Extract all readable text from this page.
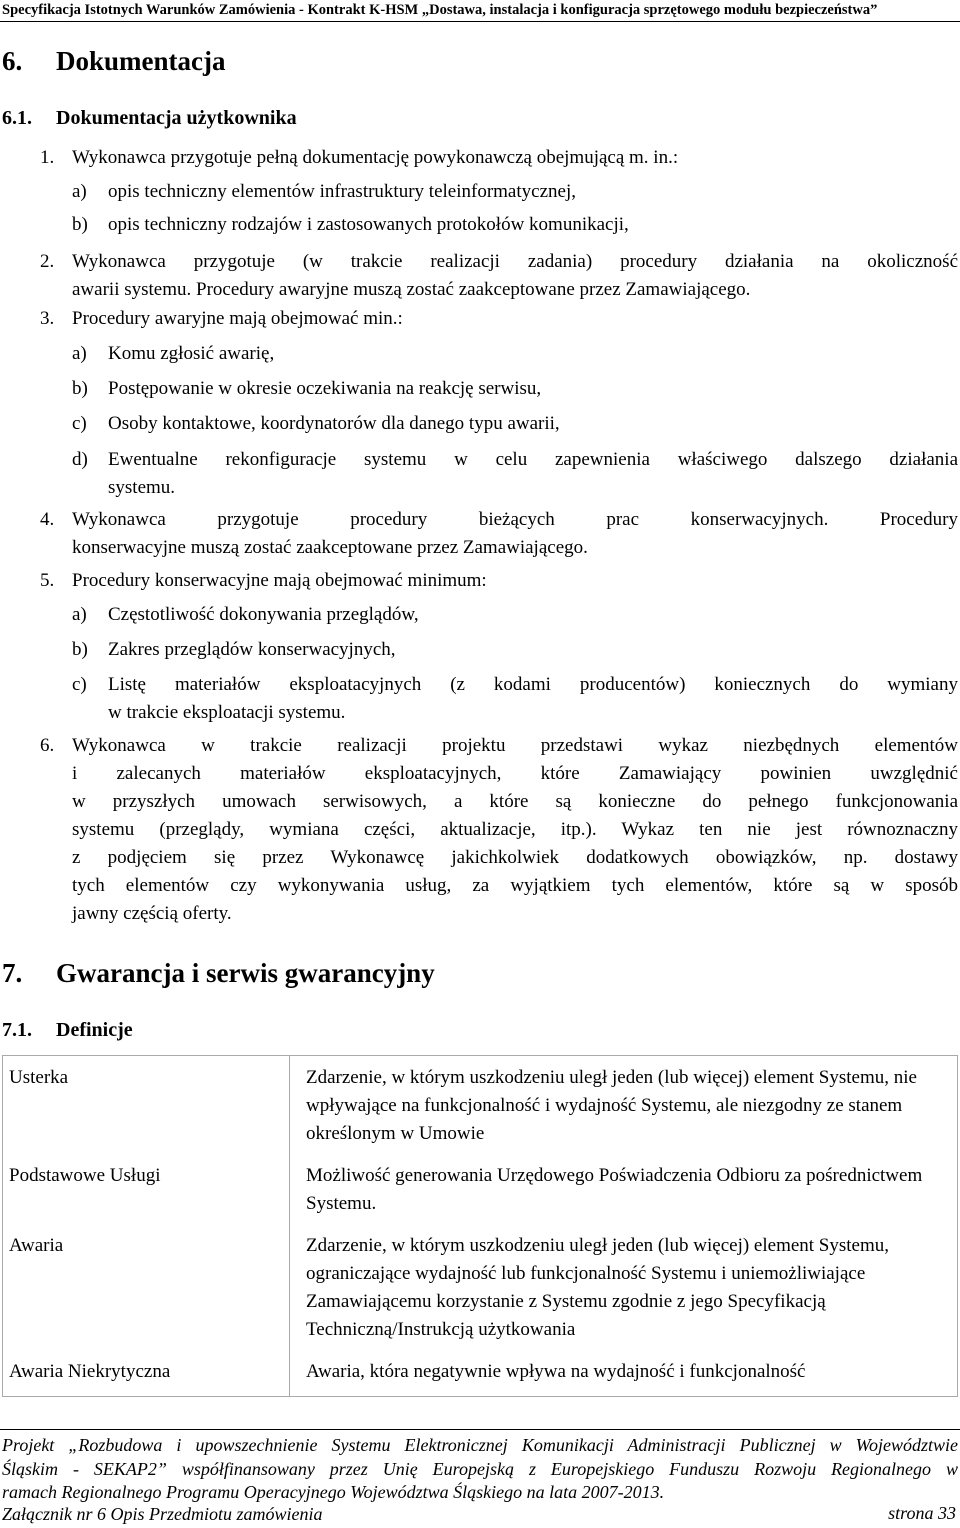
Specyfikacja Istotnych Warunków Zamówienia - Kontrakt K-HSM „Dostawa, instalacja i konfiguracja sprzętowego modułu bezpieczeństwa”
6. Dokumentacja
6.1. Dokumentacja użytkownika
1. Wykonawca przygotuje pełną dokumentację powykonawczą obejmującą m. in.:
a) opis techniczny elementów infrastruktury teleinformatycznej,
b) opis techniczny rodzajów i zastosowanych protokołów komunikacji,
2. Wykonawca przygotuje (w trakcie realizacji zadania) procedury działania na okoliczność
awarii systemu. Procedury awaryjne muszą zostać zaakceptowane przez Zamawiającego.
3. Procedury awaryjne mają obejmować min.:
a) Komu zgłosić awarię,
b) Postępowanie w okresie oczekiwania na reakcję serwisu,
c) Osoby kontaktowe, koordynatorów dla danego typu awarii,
d) Ewentualne rekonfiguracje systemu w celu zapewnienia właściwego dalszego działania
systemu.
4. Wykonawca przygotuje procedury bieżących prac konserwacyjnych. Procedury
konserwacyjne muszą zostać zaakceptowane przez Zamawiającego.
5. Procedury konserwacyjne mają obejmować minimum:
a) Częstotliwość dokonywania przeglądów,
b) Zakres przeglądów konserwacyjnych,
c) Listę materiałów eksploatacyjnych (z kodami producentów) koniecznych do wymiany
w trakcie eksploatacji systemu.
6. Wykonawca w trakcie realizacji projektu przedstawi wykaz niezbędnych elementów
i zalecanych materiałów eksploatacyjnych, które Zamawiający powinien uwzględnić
w przyszłych umowach serwisowych, a które są konieczne do pełnego funkcjonowania
systemu (przeglądy, wymiana części, aktualizacje, itp.). Wykaz ten nie jest równoznaczny
z podjęciem się przez Wykonawcę jakichkolwiek dodatkowych obowiązków, np. dostawy
tych elementów czy wykonywania usług, za wyjątkiem tych elementów, które są w sposób
jawny częścią oferty.
7. Gwarancja i serwis gwarancyjny
7.1. Definicje
Usterka	Zdarzenie, w którym uszkodzeniu uległ jeden (lub więcej) element Systemu, nie wpływające na funkcjonalność i wydajność Systemu, ale niezgodny ze stanem określonym w Umowie
Podstawowe Usługi	Możliwość generowania Urzędowego Poświadczenia Odbioru za pośrednictwem Systemu.
Awaria	Zdarzenie, w którym uszkodzeniu uległ jeden (lub więcej) element Systemu, ograniczające wydajność lub funkcjonalność Systemu i uniemożliwiające Zamawiającemu korzystanie z Systemu zgodnie z jego Specyfikacją Techniczną/Instrukcją użytkowania
Awaria Niekrytyczna	Awaria, która negatywnie wpływa na wydajność i funkcjonalność
Projekt „Rozbudowa i upowszechnienie Systemu Elektronicznej Komunikacji Administracji Publicznej w Województwie
Śląskim - SEKAP2” współfinansowany przez Unię Europejską z Europejskiego Funduszu Rozwoju Regionalnego w
ramach Regionalnego Programu Operacyjnego Województwa Śląskiego na lata 2007-2013.
Załącznik nr 6 Opis Przedmiotu zamówienia	strona 33
